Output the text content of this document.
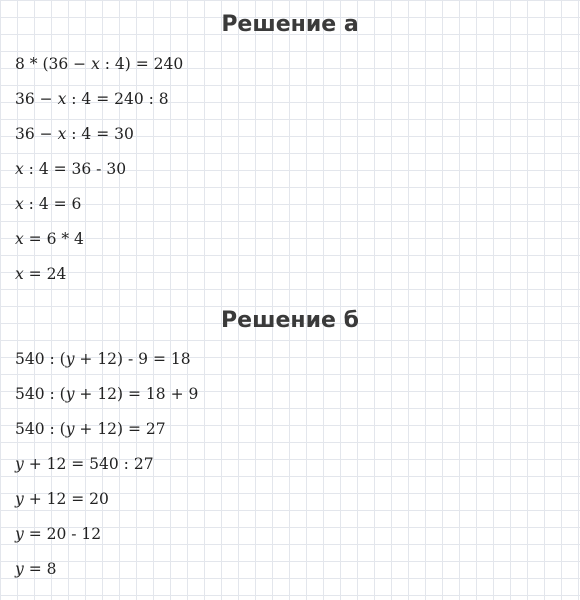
Решение а
8 * (36 − x : 4) = 240
36 − x : 4 = 240 : 8
36 − x : 4 = 30
x : 4 = 36 - 30
x : 4 = 6
x = 6 * 4
x = 24
Решение б
540 : (y + 12) - 9 = 18
540 : (y + 12) = 18 + 9
540 : (y + 12) = 27
y + 12 = 540 : 27
y + 12 = 20
y = 20 - 12
y = 8
